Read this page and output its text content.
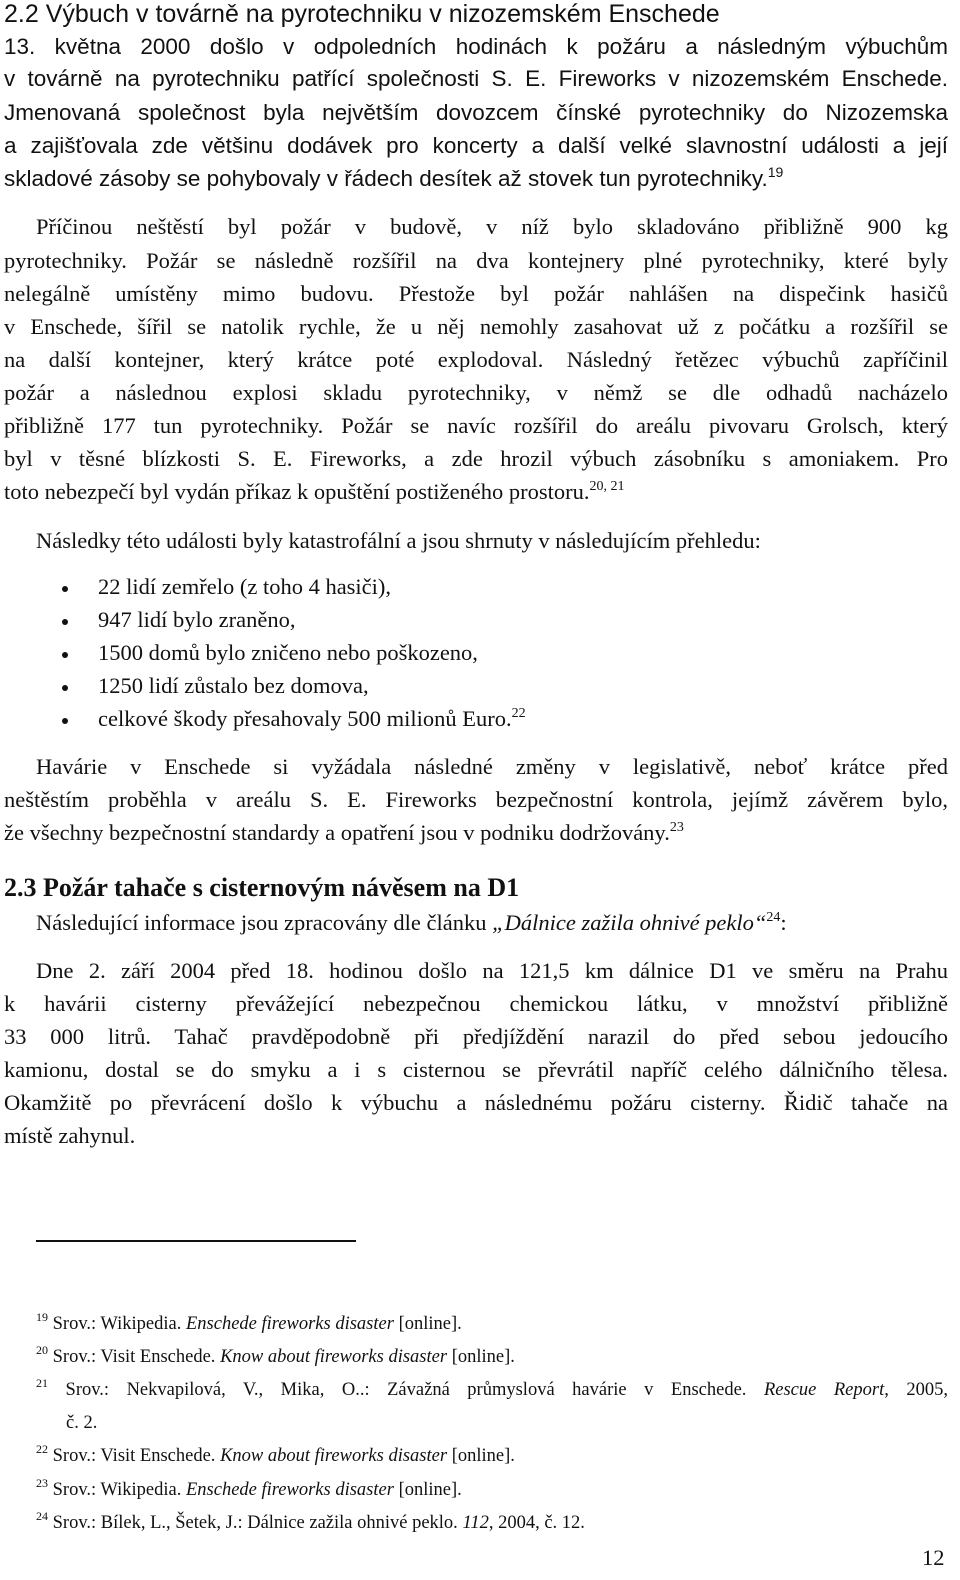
2.2 Výbuch v továrně na pyrotechniku v nizozemském Enschede
13. května 2000 došlo v odpoledních hodinách k požáru a následným výbuchům
v továrně na pyrotechniku patřící společnosti S. E. Fireworks v nizozemském Enschede.
Jmenovaná společnost byla největším dovozcem čínské pyrotechniky do Nizozemska
a zajišťovala zde většinu dodávek pro koncerty a další velké slavnostní události a její
skladové zásoby se pohybovaly v řádech desítek až stovek tun pyrotechniky.$^{19}$
Příčinou neštěstí byl požár v budově, v níž bylo skladováno přibližně 900 kg
pyrotechniky. Požár se následně rozšířil na dva kontejnery plné pyrotechniky, které byly
nelegálně umístěny mimo budovu. Přestože byl požár nahlášen na dispečink hasičů
v Enschede, šířil se natolik rychle, že u něj nemohly zasahovat už z počátku a rozšířil se
na další kontejner, který krátce poté explodoval. Následný řetězec výbuchů zapříčinil
požár a následnou explosi skladu pyrotechniky, v němž se dle odhadů nacházelo
přibližně 177 tun pyrotechniky. Požár se navíc rozšířil do areálu pivovaru Grolsch, který
byl v těsné blízkosti S. E. Fireworks, a zde hrozil výbuch zásobníku s amoniakem. Pro
toto nebezpečí byl vydán příkaz k opuštění postiženého prostoru.$^{20, 21}$
Následky této události byly katastrofální a jsou shrnuty v následujícím přehledu:
22 lidí zemřelo (z toho 4 hasiči),
947 lidí bylo zraněno,
1500 domů bylo zničeno nebo poškozeno,
1250 lidí zůstalo bez domova,
celkové škody přesahovaly 500 milionů Euro.$^{22}$
Havárie v Enschede si vyžádala následné změny v legislativě, neboť krátce před
neštěstím proběhla v areálu S. E. Fireworks bezpečnostní kontrola, jejímž závěrem bylo,
že všechny bezpečnostní standardy a opatření jsou v podniku dodržovány.$^{23}$
2.3 Požár tahače s cisternovým návěsem na D1
Následující informace jsou zpracovány dle článku „Dálnice zažila ohnivé peklo“$^{24}$:
Dne 2. září 2004 před 18. hodinou došlo na 121,5 km dálnice D1 ve směru na Prahu
k havárii cisterny převážející nebezpečnou chemickou látku, v množství přibližně
33 000 litrů. Tahač pravděpodobně při předjíždění narazil do před sebou jedoucího
kamionu, dostal se do smyku a i s cisternou se převrátil napříč celého dálničního tělesa.
Okamžitě po převrácení došlo k výbuchu a následnému požáru cisterny. Řidič tahače na
místě zahynul.
$^{19}$ Srov.: Wikipedia. Enschede fireworks disaster [online].
$^{20}$ Srov.: Visit Enschede. Know about fireworks disaster [online].
$^{21}$ Srov.: Nekvapilová, V., Mika, O..: Závažná průmyslová havárie v Enschede. Rescue Report, 2005,
č. 2.
$^{22}$ Srov.: Visit Enschede. Know about fireworks disaster [online].
$^{23}$ Srov.: Wikipedia. Enschede fireworks disaster [online].
$^{24}$ Srov.: Bílek, L., Šetek, J.: Dálnice zažila ohnivé peklo. 112, 2004, č. 12.
12
